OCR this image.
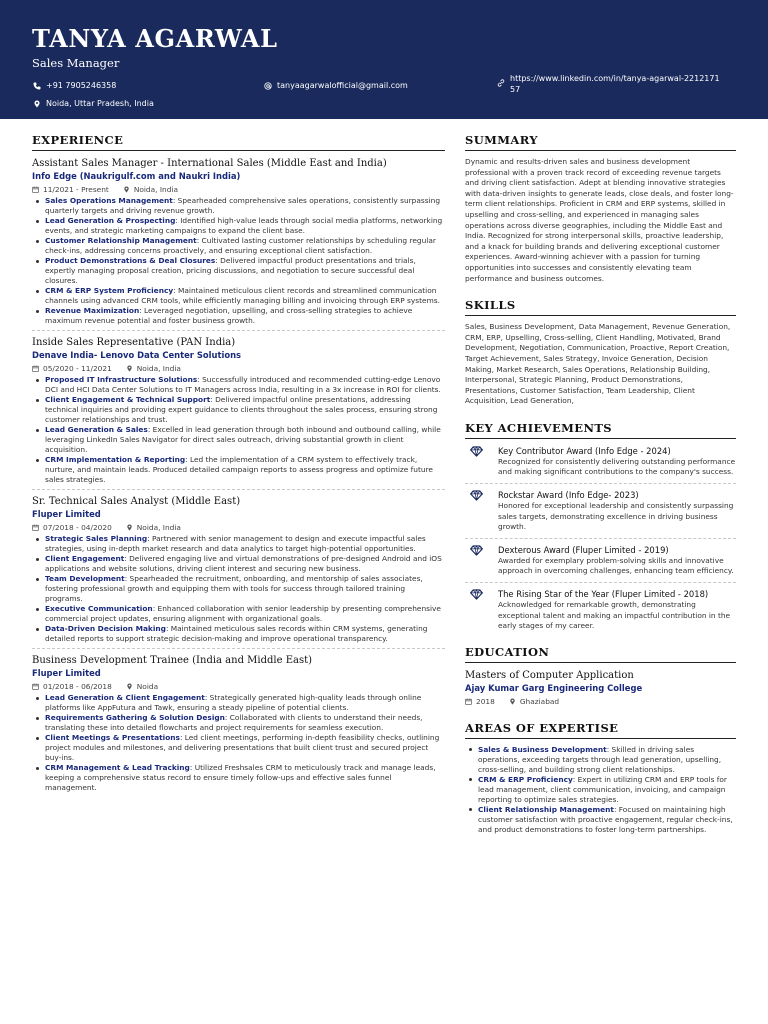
TANYA AGARWAL
Sales Manager
+91 7905246358	tanyaagarwalofficial@gmail.com
https://www.linkedin.com/in/tanya-agarwal-221217157
Noida, Uttar Pradesh, India
EXPERIENCE
Assistant Sales Manager - International Sales (Middle East and India)
Info Edge (Naukrigulf.com and Naukri India)
11/2021 - Present	Noida, India
Sales Operations Management: Spearheaded comprehensive sales operations, consistently surpassing quarterly targets and driving revenue growth.
Lead Generation & Prospecting: Identified high-value leads through social media platforms, networking events, and strategic marketing campaigns to expand the client base.
Customer Relationship Management: Cultivated lasting customer relationships by scheduling regular check-ins, addressing concerns proactively, and ensuring exceptional client satisfaction.
Product Demonstrations & Deal Closures: Delivered impactful product presentations and trials, expertly managing proposal creation, pricing discussions, and negotiation to secure successful deal closures.
CRM & ERP System Proficiency: Maintained meticulous client records and streamlined communication channels using advanced CRM tools, while efficiently managing billing and invoicing through ERP systems.
Revenue Maximization: Leveraged negotiation, upselling, and cross-selling strategies to achieve maximum revenue potential and foster business growth.
Inside Sales Representative (PAN India)
Denave India- Lenovo Data Center Solutions
05/2020 - 11/2021	Noida, India
Proposed IT Infrastructure Solutions: Successfully introduced and recommended cutting-edge Lenovo DCI and HCI Data Center Solutions to IT Managers across India, resulting in a 3x increase in ROI for clients.
Client Engagement & Technical Support: Delivered impactful online presentations, addressing technical inquiries and providing expert guidance to clients throughout the sales process, ensuring strong customer relationships and trust.
Lead Generation & Sales: Excelled in lead generation through both inbound and outbound calling, while leveraging LinkedIn Sales Navigator for direct sales outreach, driving substantial growth in client acquisition.
CRM Implementation & Reporting: Led the implementation of a CRM system to effectively track, nurture, and maintain leads. Produced detailed campaign reports to assess progress and optimize future sales strategies.
Sr. Technical Sales Analyst (Middle East)
Fluper Limited
07/2018 - 04/2020	Noida, India
Strategic Sales Planning: Partnered with senior management to design and execute impactful sales strategies, using in-depth market research and data analytics to target high-potential opportunities.
Client Engagement: Delivered engaging live and virtual demonstrations of pre-designed Android and iOS applications and website solutions, driving client interest and securing new business.
Team Development: Spearheaded the recruitment, onboarding, and mentorship of sales associates, fostering professional growth and equipping them with tools for success through tailored training programs.
Executive Communication: Enhanced collaboration with senior leadership by presenting comprehensive commercial project updates, ensuring alignment with organizational goals.
Data-Driven Decision Making: Maintained meticulous sales records within CRM systems, generating detailed reports to support strategic decision-making and improve operational transparency.
Business Development Trainee (India and Middle East)
Fluper Limited
01/2018 - 06/2018	Noida
Lead Generation & Client Engagement: Strategically generated high-quality leads through online platforms like AppFutura and Tawk, ensuring a steady pipeline of potential clients.
Requirements Gathering & Solution Design: Collaborated with clients to understand their needs, translating these into detailed flowcharts and project requirements for seamless execution.
Client Meetings & Presentations: Led client meetings, performing in-depth feasibility checks, outlining project modules and milestones, and delivering presentations that built client trust and secured project buy-ins.
CRM Management & Lead Tracking: Utilized Freshsales CRM to meticulously track and manage leads, keeping a comprehensive status record to ensure timely follow-ups and effective sales funnel management.
SUMMARY
Dynamic and results-driven sales and business development professional with a proven track record of exceeding revenue targets and driving client satisfaction. Adept at blending innovative strategies with data-driven insights to generate leads, close deals, and foster long-term client relationships. Proficient in CRM and ERP systems, skilled in upselling and cross-selling, and experienced in managing sales operations across diverse geographies, including the Middle East and India. Recognized for strong interpersonal skills, proactive leadership, and a knack for building brands and delivering exceptional customer experiences. Award-winning achiever with a passion for turning opportunities into successes and consistently elevating team performance and business outcomes.
SKILLS
Sales, Business Development, Data Management, Revenue Generation, CRM, ERP, Upselling, Cross-selling, Client Handling, Motivated, Brand Development, Negotiation, Communication, Proactive, Report Creation, Target Achievement, Sales Strategy, Invoice Generation, Decision Making, Market Research, Sales Operations, Relationship Building, Interpersonal, Strategic Planning, Product Demonstrations, Presentations, Customer Satisfaction, Team Leadership, Client Acquisition, Lead Generation,
KEY ACHIEVEMENTS
Key Contributor Award (Info Edge - 2024)
Recognized for consistently delivering outstanding performance and making significant contributions to the company's success.
Rockstar Award (Info Edge- 2023)
Honored for exceptional leadership and consistently surpassing sales targets, demonstrating excellence in driving business growth.
Dexterous Award (Fluper Limited - 2019)
Awarded for exemplary problem-solving skills and innovative approach in overcoming challenges, enhancing team efficiency.
The Rising Star of the Year (Fluper Limited - 2018)
Acknowledged for remarkable growth, demonstrating exceptional talent and making an impactful contribution in the early stages of my career.
EDUCATION
Masters of Computer Application
Ajay Kumar Garg Engineering College
2018	Ghaziabad
AREAS OF EXPERTISE
Sales & Business Development: Skilled in driving sales operations, exceeding targets through lead generation, upselling, cross-selling, and building strong client relationships.
CRM & ERP Proficiency: Expert in utilizing CRM and ERP tools for lead management, client communication, invoicing, and campaign reporting to optimize sales strategies.
Client Relationship Management: Focused on maintaining high customer satisfaction with proactive engagement, regular check-ins, and product demonstrations to foster long-term partnerships.
